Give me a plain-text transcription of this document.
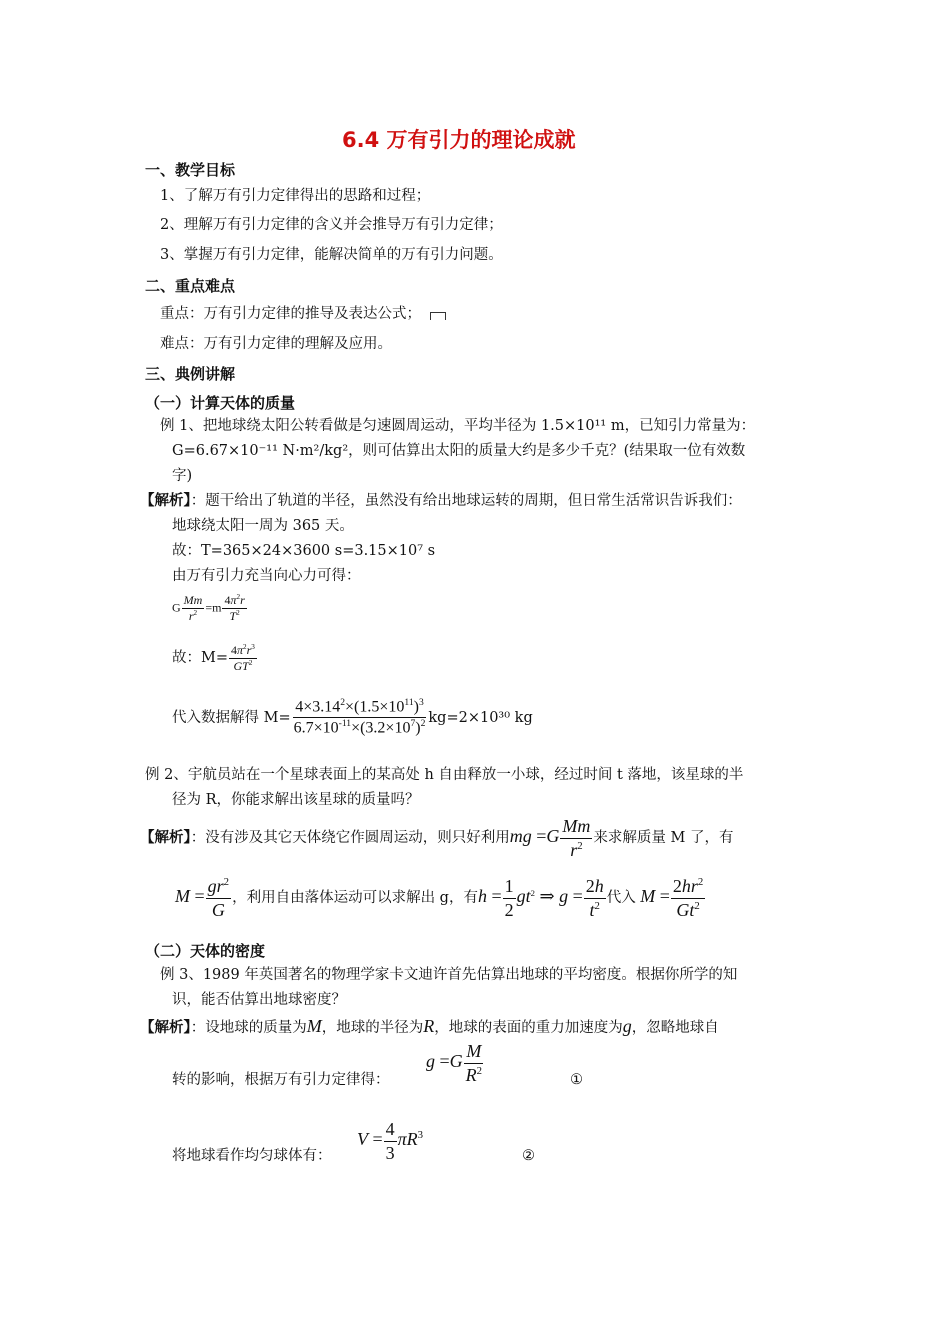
6.4 万有引力的理论成就
一、教学目标
1、了解万有引力定律得出的思路和过程；
2、理解万有引力定律的含义并会推导万有引力定律；
3、掌握万有引力定律，能解决简单的万有引力问题。
二、重点难点
重点：万有引力定律的推导及表达公式；
难点：万有引力定律的理解及应用。
三、典例讲解
（一）计算天体的质量
例 1、把地球绕太阳公转看做是匀速圆周运动，平均半径为 1.5×10¹¹ m，已知引力常量为：
G=6.67×10⁻¹¹ N·m²/kg²，则可估算出太阳的质量大约是多少千克？(结果取一位有效数
字)
【解析】：题干给出了轨道的半径，虽然没有给出地球运转的周期，但日常生活常识告诉我们：
地球绕太阳一周为 365 天。
故：T=365×24×3600 s=3.15×10⁷ s
由万有引力充当向心力可得：
G $\frac{Mm}{r^2} =m \frac{4\pi^2r}{T^2}$
故：$M= \frac{4\pi^2r^3}{GT^2}$
代入数据解得 $M= \frac{4\times 3.14^2\times(1.5\times 10^{11})^3}{6.7\times 10^{-11}\times(3.2\times 10^7)^2} kg=2\times 10^{30}$ kg
例 2、宇航员站在一个星球表面上的某高处 h 自由释放一小球，经过时间 t 落地，该星球的半
径为 R，你能求解出该星球的质量吗？
【解析】：没有涉及其它天体绕它作圆周运动，则只好利用mg $=G \frac{Mm}{r^2}$ 来求解质量 M 了，有
$M = \frac{gr^2}{G}$ ，利用自由落体运动可以求解出 g，有$h = \frac{1}{2} gt^2$ ⇒ $g = \frac{2h}{t^2}$ 代入 $M = \frac{2hr^2}{Gt^2}$
（二）天体的密度
例 3、1989 年英国著名的物理学家卡文迪许首先估算出地球的平均密度。根据你所学的知
识，能否估算出地球密度？
【解析】：设地球的质量为M，地球的半径为R，地球的表面的重力加速度为g，忽略地球自
$g =G \frac{M}{R^2}$
转的影响，根据万有引力定律得：	①
$V = \frac{4}{3} \pi R^3$
将地球看作均匀球体有：	②
